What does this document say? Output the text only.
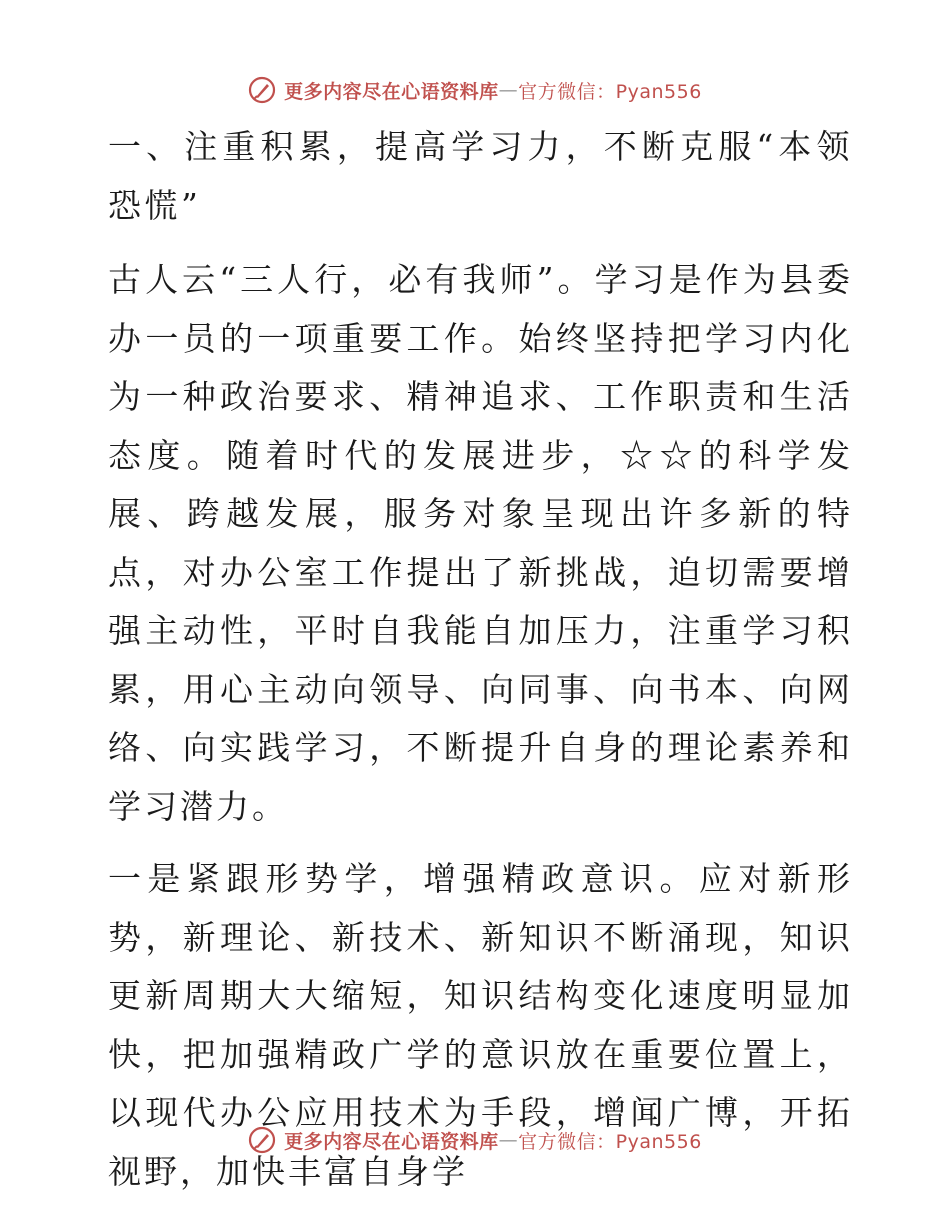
更多内容尽在心语资料库 — 官方微信：Pyan556

一、注重积累，提高学习力，不断克服“本领恐慌”

古人云“三人行，必有我师”。学习是作为县委办一员的一项重要工作。始终坚持把学习内化为一种政治要求、精神追求、工作职责和生活态度。随着时代的发展进步，☆☆的科学发展、跨越发展，服务对象呈现出许多新的特点，对办公室工作提出了新挑战，迫切需要增强主动性，平时自我能自加压力，注重学习积累，用心主动向领导、向同事、向书本、向网络、向实践学习，不断提升自身的理论素养和学习潜力。

一是紧跟形势学，增强精政意识。应对新形势，新理论、新技术、新知识不断涌现，知识更新周期大大缩短，知识结构变化速度明显加快，把加强精政广学的意识放在重要位置上，以现代办公应用技术为手段，增闻广博，开拓视野，加快丰富自身学

更多内容尽在心语资料库 — 官方微信：Pyan556
